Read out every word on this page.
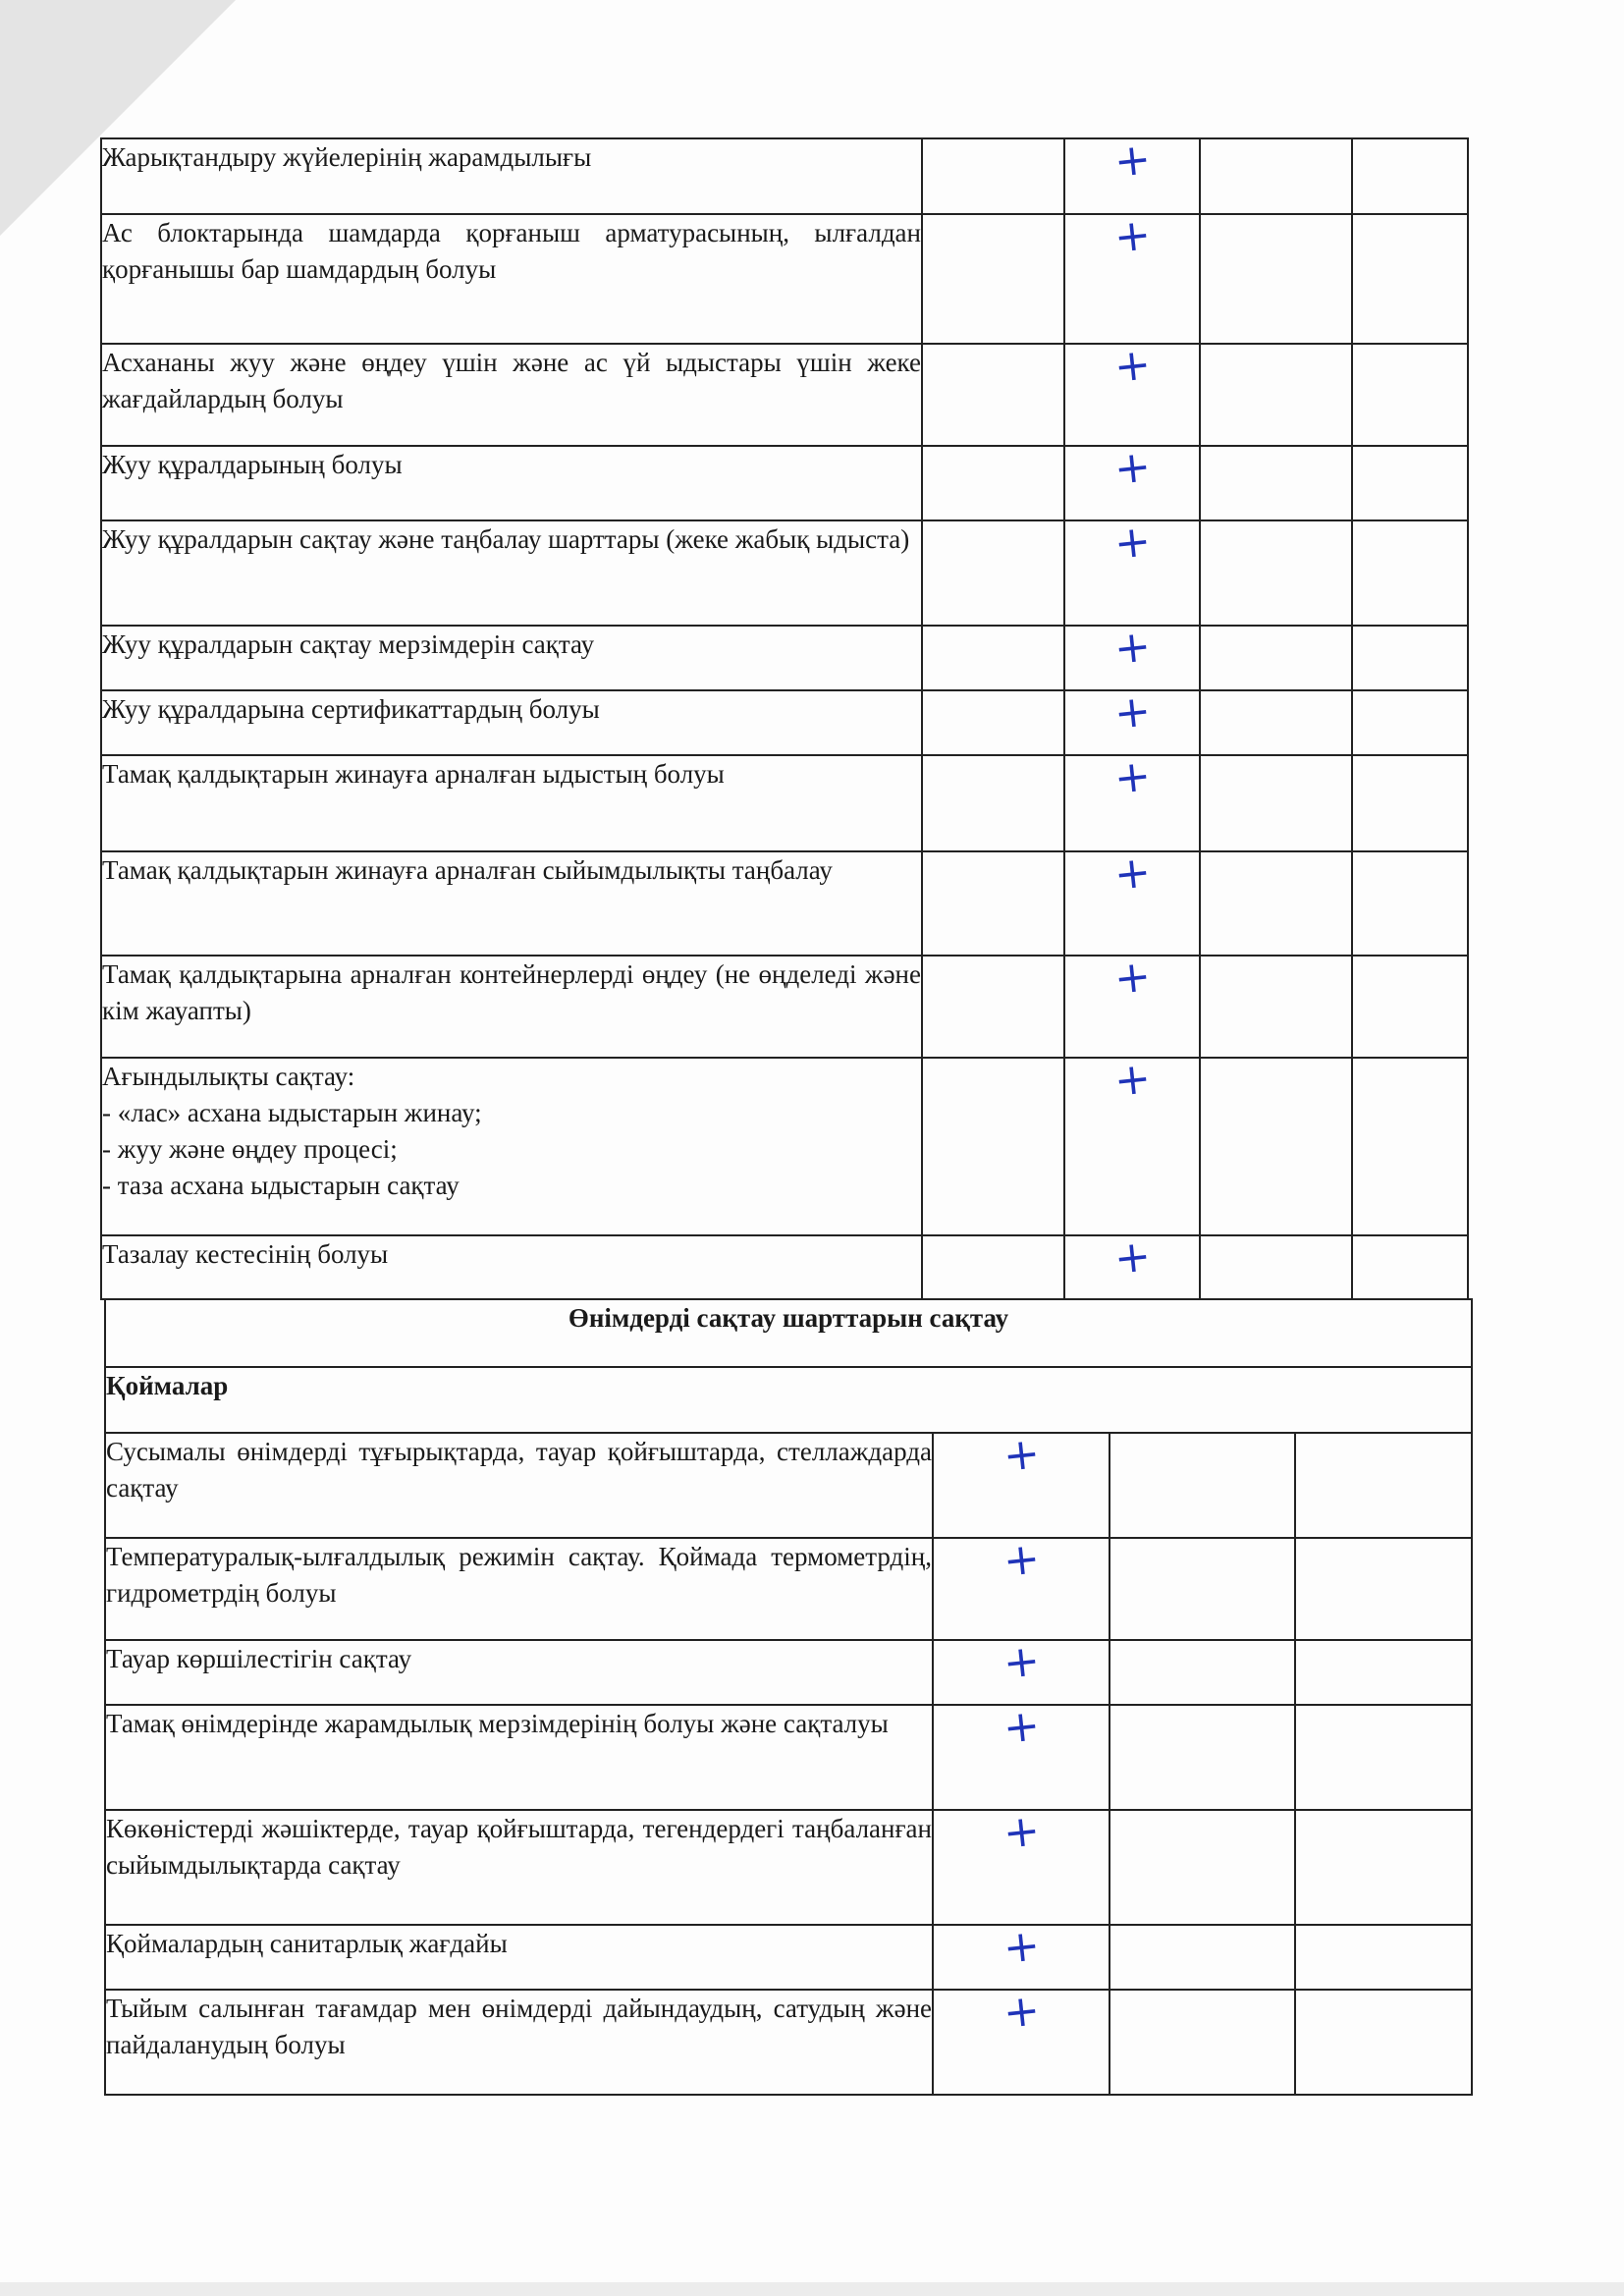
Жарықтандыру жүйелерінің жарамдылығы		+		
Ас блоктарында шамдарда қорғаныш арматурасының, ылғалдан қорғанышы бар шамдардың болуы		+		
Асхананы жуу және өңдеу үшін және ас үй ыдыстары үшін жеке жағдайлардың болуы		+		
Жуу құралдарының болуы		+		
Жуу құралдарын сақтау және таңбалау шарттары (жеке жабық ыдыста)		+		
Жуу құралдарын сақтау мерзімдерін сақтау		+		
Жуу құралдарына сертификаттардың болуы		+		
Тамақ қалдықтарын жинауға арналған ыдыстың болуы		+		
Тамақ қалдықтарын жинауға арналған сыйымдылықты таңбалау		+		
Тамақ қалдықтарына арналған контейнерлерді өңдеу (не өңделеді және кім жауапты)		+		
Ағындылықты сақтау:
- «лас» асхана ыдыстарын жинау;
- жуу және өңдеу процесі;
- таза асхана ыдыстарын сақтау		+		
Тазалау кестесінің болуы		+		
Өнімдерді сақтау шарттарын сақтау			
Қоймалар			
Сусымалы өнімдерді тұғырықтарда, тауар қойғыштарда, стеллаждарда сақтау	+		
Температуралық-ылғалдылық режимін сақтау. Қоймада термометрдің, гидрометрдің болуы	+		
Тауар көршілестігін сақтау	+		
Тамақ өнімдерінде жарамдылық мерзімдерінің болуы және сақталуы	+		
Көкөністерді жәшіктерде, тауар қойғыштарда, тегендердегі таңбаланған сыйымдылықтарда сақтау	+		
Қоймалардың санитарлық жағдайы	+		
Тыйым салынған тағамдар мен өнімдерді дайындаудың, сатудың және пайдаланудың болуы	+		
